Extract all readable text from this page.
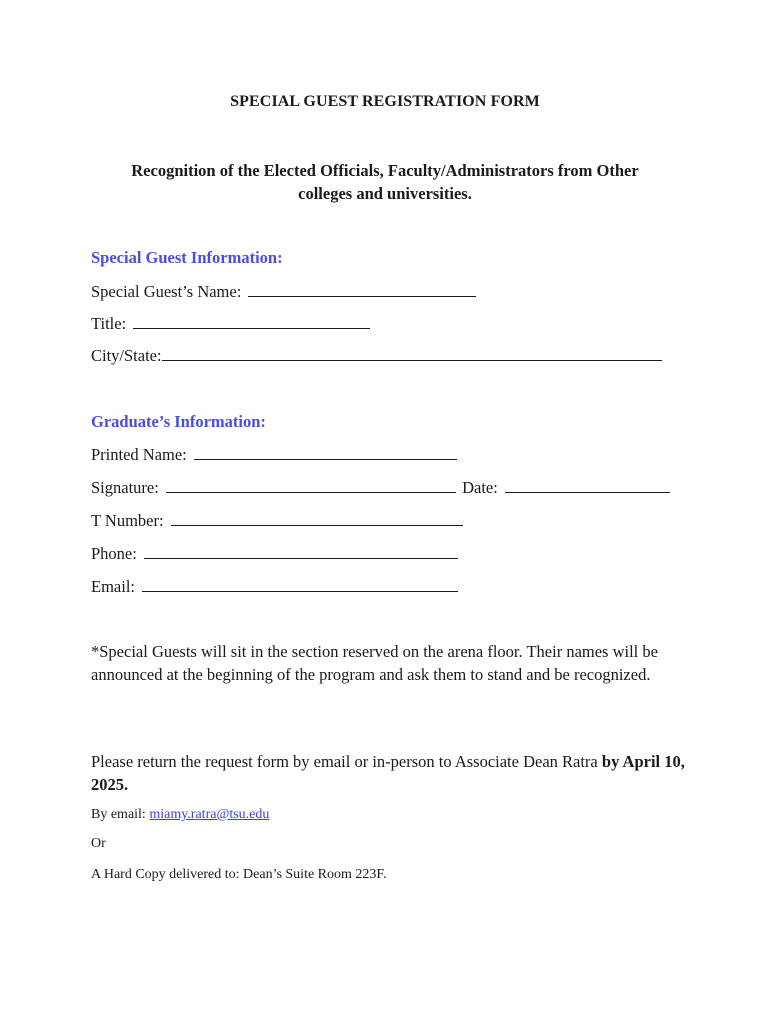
SPECIAL GUEST REGISTRATION FORM
Recognition of the Elected Officials, Faculty/Administrators from Other
colleges and universities.
Special Guest Information:
Special Guest’s Name:
Title:
City/State:
Graduate’s Information:
Printed Name:
Signature:	Date:
T Number:
Phone:
Email:
*Special Guests will sit in the section reserved on the arena floor. Their names will be announced at the beginning of the program and ask them to stand and be recognized.
Please return the request form by email or in-person to Associate Dean Ratra by April 10, 2025.
By email: miamy.ratra@tsu.edu
Or
A Hard Copy delivered to: Dean’s Suite Room 223F.
